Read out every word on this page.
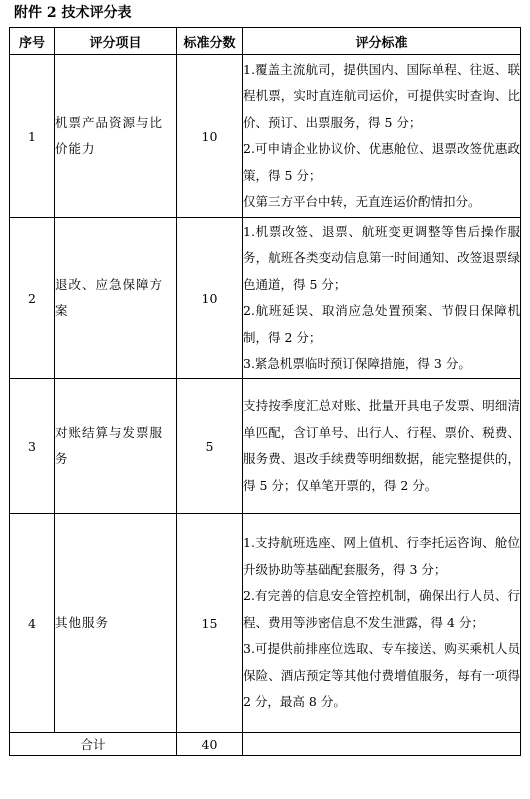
附件 2 技术评分表
序号	评分项目	标准分数	评分标准
1	机票产品资源与比价能力	10	1.覆盖主流航司，提供国内、国际单程、往返、联程机票，实时直连航司运价，可提供实时查询、比价、预订、出票服务，得 5 分；
2.可申请企业协议价、优惠舱位、退票改签优惠政策，得 5 分；
仅第三方平台中转，无直连运价酌情扣分。

2	退改、应急保障方案	10	1.机票改签、退票、航班变更调整等售后操作服务，航班各类变动信息第一时间通知、改签退票绿色通道，得 5 分；
2.航班延误、取消应急处置预案、节假日保障机制，得 2 分；
3.紧急机票临时预订保障措施，得 3 分。

3	对账结算与发票服务	5	支持按季度汇总对账、批量开具电子发票、明细清单匹配，含订单号、出行人、行程、票价、税费、服务费、退改手续费等明细数据，能完整提供的，得 5 分；仅单笔开票的，得 2 分。

4	其他服务	15	1.支持航班选座、网上值机、行李托运咨询、舱位升级协助等基础配套服务，得 3 分；
2.有完善的信息安全管控机制，确保出行人员、行程、费用等涉密信息不发生泄露，得 4 分；
3.可提供前排座位选取、专车接送、购买乘机人员保险、酒店预定等其他付费增值服务，每有一项得 2 分，最高 8 分。

合计		40	
